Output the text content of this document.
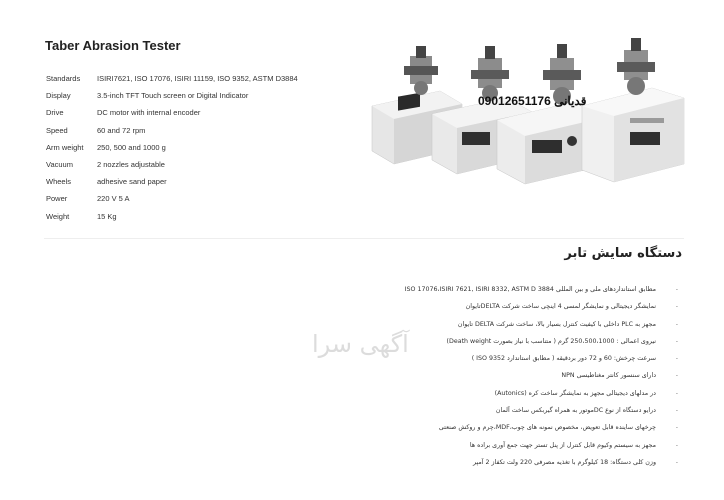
Taber Abrasion Tester
Standards ISIRI7621, ISO 17076, ISIRI 11159, ISO 9352, ASTM D3884
Display	3.5-inch TFT Touch screen or Digital Indicator
Drive	DC motor with internal encoder
Speed	60 and 72 rpm
Arm weight 250, 500 and 1000 g
Vacuum	2 nozzles adjustable
Wheels	adhesive sand paper
Power	220 V 5 A
Weight	15 Kg
قدیانی 09012651176
دستگاه سایش تابر
-
مطابق استانداردهای ملی و بین المللی ISO 17076،ISIRI 7621, ISIRI 8332, ASTM D 3884
-
نمایشگر دیجیتالی و نمایشگر لمسی 4 اینچی ساخت شرکت DELTAتایوان
-
مجهز به PLC داخلی با کیفیت کنترل بسیار بالا، ساخت شرکت DELTA تایوان
-
نیروی اعمالی : 250،500،1000 گرم ( متناسب با نیاز بصورت Death weight)
-
سرعت چرخش: 60 و 72 دور بردقیقه ( مطابق استاندارد ISO 9352 )
-
دارای سنسور کانتر مغناطیسی NPN
-
در مدلهای دیجیتالی مجهز به نمایشگر ساخت کره (Autonics)
-
درایو دستگاه از نوع DCموتور به همراه گیربکس ساخت آلمان
-
چرخهای ساینده قابل تعویض، مخصوص نمونه های چوب،MDF،چرم و روکش صنعتی
-
مجهز به سیستم وکیوم قابل کنترل از پنل تستر جهت جمع آوری براده ها
-
وزن کلی دستگاه: 18 کیلوگرم با تغذیه مصرفی 220 ولت تکفاز 2 آمپر
آگهی سرا
